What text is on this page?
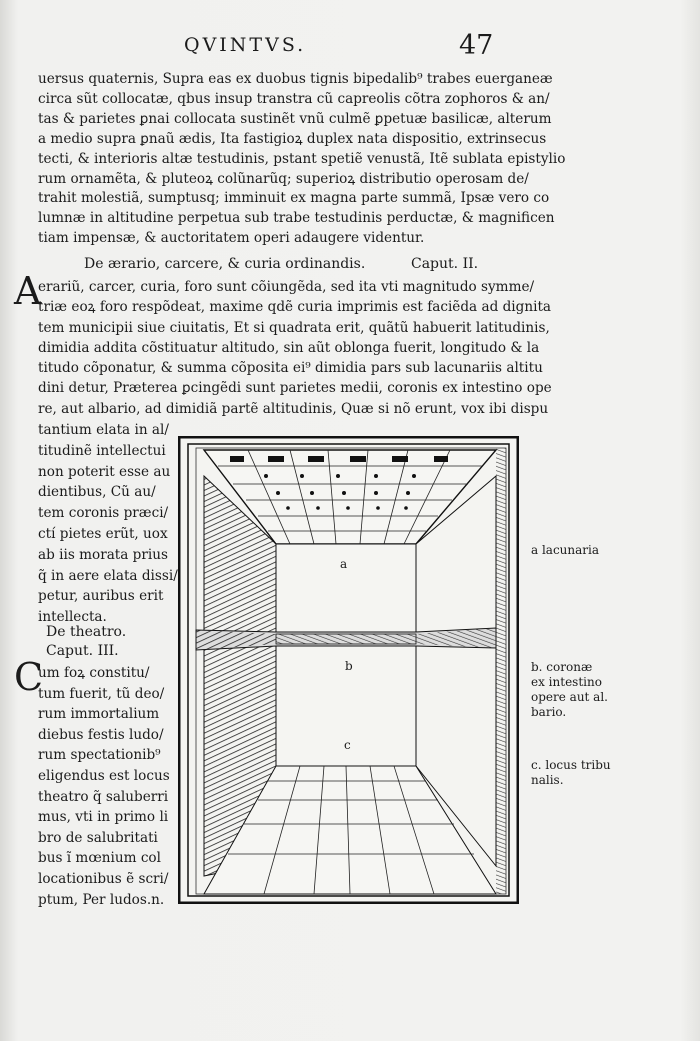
QVINTVS.	47
uersus quaternis, Supra eas ex duobus tignis bipedalib⁹ trabes euerganeæ
circa sũt collocatæ, qbus insup transtra cũ capreolis cõtra zophoros & an/
tas & parietes ꝑnai collocata sustinẽt vnũ culmẽ ꝑpetuæ basilicæ, alterum
a medio supra ꝑnaũ ædis, Ita fastigioꝝ duplex nata dispositio, extrinsecus
tecti, & interioris altæ testudinis, pstant spetiẽ venustã, Itẽ sublata epistylio
rum ornamẽta, & pluteoꝝ colũnarũq; superioꝝ distributio operosam de/
trahit molestiã, sumptusq; imminuit ex magna parte summã, Ipsæ vero co
lumnæ in altitudine perpetua sub trabe testudinis perductæ, & magnificen
tiam impensæ, & auctoritatem operi adaugere videntur.
De ærario, carcere, & curia ordinandis.	Caput. II.
A
erariũ, carcer, curia, foro sunt cõiungẽda, sed ita vti magnitudo symme/
triæ eoꝝ foro respõdeat, maxime qdẽ curia imprimis est faciẽda ad dignita
tem municipii siue ciuitatis, Et si quadrata erit, quãtũ habuerit latitudinis,
dimidia addita cõstituatur altitudo, sin aũt oblonga fuerit, longitudo & la
titudo cõponatur, & summa cõposita ei⁹ dimidia pars sub lacunariis altitu
dini detur, Præterea ꝑcingẽdi sunt parietes medii, coronis ex intestino ope
re, aut albario, ad dimidiã partẽ altitudinis, Quæ si nõ erunt, vox ibi dispu
tantium elata in al/
titudinẽ intellectui
non poterit esse au
dientibus, Cũ au/
tem coronis præci/
ctí pietes erũt, uox
ab iis morata prius
q̃ in aere elata dissi/
petur, auribus erit
intellecta.
De theatro.
Caput. III.
C
um foꝝ constitu/
tum fuerit, tũ deo/
rum immortalium
diebus festis ludo/
rum spectationib⁹
eligendus est locus
theatro q̃ saluberri
mus, vti in primo li
bro de salubritati
bus ĩ mœnium col
locationibus ẽ scri/
ptum, Per ludos.n.
a
b
c
a lacunaria
b. coronæ
ex intestino
opere aut al.
bario.
c. locus tribu
nalis.
